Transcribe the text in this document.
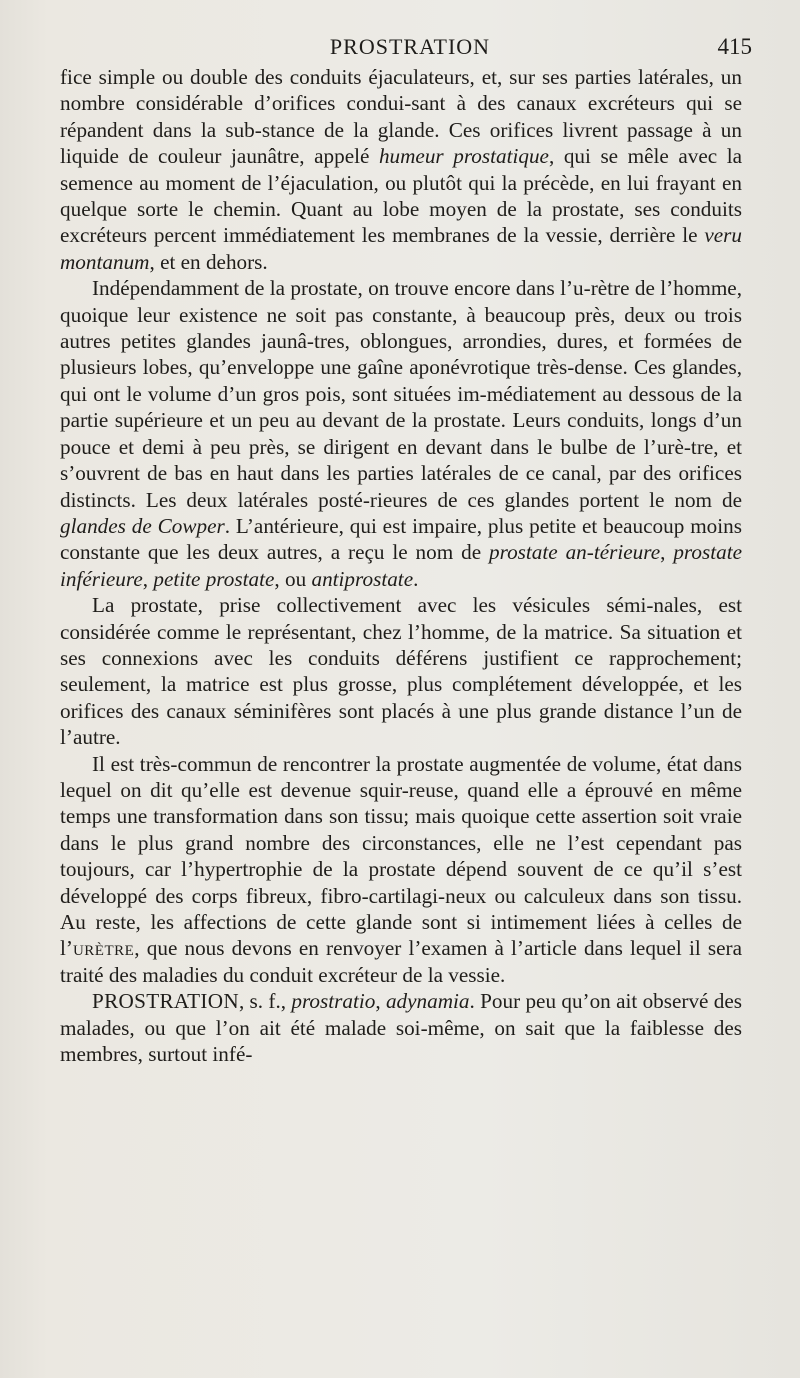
PROSTRATION	415

fice simple ou double des conduits éjaculateurs, et, sur ses parties latérales, un nombre considérable d’orifices condui-sant à des canaux excréteurs qui se répandent dans la sub-stance de la glande. Ces orifices livrent passage à un liquide de couleur jaunâtre, appelé humeur prostatique, qui se mêle avec la semence au moment de l’éjaculation, ou plutôt qui la précède, en lui frayant en quelque sorte le chemin. Quant au lobe moyen de la prostate, ses conduits excréteurs percent immédiatement les membranes de la vessie, derrière le veru montanum, et en dehors.

Indépendamment de la prostate, on trouve encore dans l’u-rètre de l’homme, quoique leur existence ne soit pas constante, à beaucoup près, deux ou trois autres petites glandes jaunâ-tres, oblongues, arrondies, dures, et formées de plusieurs lobes, qu’enveloppe une gaîne aponévrotique très-dense. Ces glandes, qui ont le volume d’un gros pois, sont situées im-médiatement au dessous de la partie supérieure et un peu au devant de la prostate. Leurs conduits, longs d’un pouce et demi à peu près, se dirigent en devant dans le bulbe de l’urè-tre, et s’ouvrent de bas en haut dans les parties latérales de ce canal, par des orifices distincts. Les deux latérales posté-rieures de ces glandes portent le nom de glandes de Cowper. L’antérieure, qui est impaire, plus petite et beaucoup moins constante que les deux autres, a reçu le nom de prostate an-térieure, prostate inférieure, petite prostate, ou antiprostate.

La prostate, prise collectivement avec les vésicules sémi-nales, est considérée comme le représentant, chez l’homme, de la matrice. Sa situation et ses connexions avec les conduits déférens justifient ce rapprochement; seulement, la matrice est plus grosse, plus complétement développée, et les orifices des canaux séminifères sont placés à une plus grande distance l’un de l’autre.

Il est très-commun de rencontrer la prostate augmentée de volume, état dans lequel on dit qu’elle est devenue squir-reuse, quand elle a éprouvé en même temps une transformation dans son tissu; mais quoique cette assertion soit vraie dans le plus grand nombre des circonstances, elle ne l’est cependant pas toujours, car l’hypertrophie de la prostate dépend souvent de ce qu’il s’est développé des corps fibreux, fibro-cartilagi-neux ou calculeux dans son tissu. Au reste, les affections de cette glande sont si intimement liées à celles de l’urètre, que nous devons en renvoyer l’examen à l’article dans lequel il sera traité des maladies du conduit excréteur de la vessie.

PROSTRATION, s. f., prostratio, adynamia. Pour peu qu’on ait observé des malades, ou que l’on ait été malade soi-même, on sait que la faiblesse des membres, surtout infé-
